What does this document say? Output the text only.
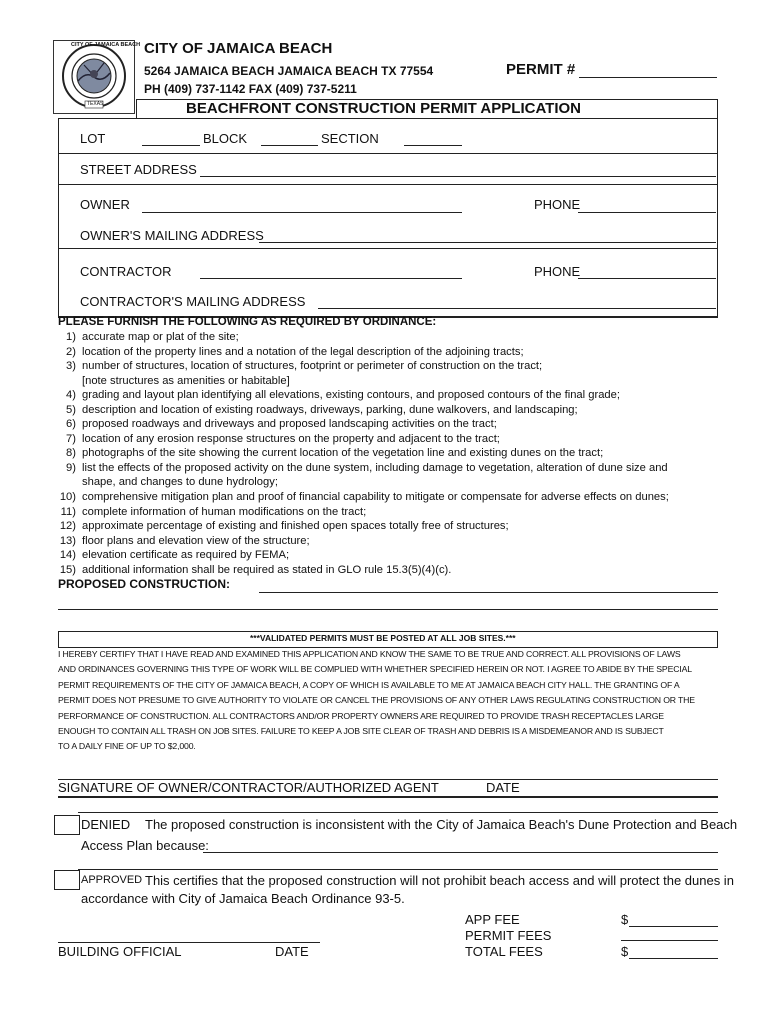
TEXAS
CITY OF JAMAICA BEACH CITY OF JAMAICA BEACH
5264 JAMAICA BEACH JAMAICA BEACH TX 77554
PH (409) 737-1142 FAX (409) 737-5211
PERMIT #
BEACHFRONT CONSTRUCTION PERMIT APPLICATION
LOT	BLOCK	SECTION
STREET ADDRESS
OWNER	PHONE
OWNER'S MAILING ADDRESS
CONTRACTOR	PHONE
CONTRACTOR'S MAILING ADDRESS
PLEASE FURNISH THE FOLLOWING AS REQUIRED BY ORDINANCE:
1) accurate map or plat of the site;
2) location of the property lines and a notation of the legal description of the adjoining tracts;
3) number of structures, location of structures, footprint or perimeter of construction on the tract;
[note structures as amenities or habitable]
4) grading and layout plan identifying all elevations, existing contours, and proposed contours of the final grade;
5) description and location of existing roadways, driveways, parking, dune walkovers, and landscaping;
6) proposed roadways and driveways and proposed landscaping activities on the tract;
7) location of any erosion response structures on the property and adjacent to the tract;
8) photographs of the site showing the current location of the vegetation line and existing dunes on the tract;
9) list the effects of the proposed activity on the dune system, including damage to vegetation, alteration of dune size and
shape, and changes to dune hydrology;
10) comprehensive mitigation plan and proof of financial capability to mitigate or compensate for adverse effects on dunes;
11) complete information of human modifications on the tract;
12) approximate percentage of existing and finished open spaces totally free of structures;
13) floor plans and elevation view of the structure;
14) elevation certificate as required by FEMA;
15) additional information shall be required as stated in GLO rule 15.3(5)(4)(c).
PROPOSED CONSTRUCTION:
***VALIDATED PERMITS MUST BE POSTED AT ALL JOB SITES.***
I HEREBY CERTIFY THAT I HAVE READ AND EXAMINED THIS APPLICATION AND KNOW THE SAME TO BE TRUE AND CORRECT. ALL PROVISIONS OF LAWS
AND ORDINANCES GOVERNING THIS TYPE OF WORK WILL BE COMPLIED WITH WHETHER SPECIFIED HEREIN OR NOT. I AGREE TO ABIDE BY THE SPECIAL
PERMIT REQUIREMENTS OF THE CITY OF JAMAICA BEACH, A COPY OF WHICH IS AVAILABLE TO ME AT JAMAICA BEACH CITY HALL. THE GRANTING OF A
PERMIT DOES NOT PRESUME TO GIVE AUTHORITY TO VIOLATE OR CANCEL THE PROVISIONS OF ANY OTHER LAWS REGULATING CONSTRUCTION OR THE
PERFORMANCE OF CONSTRUCTION. ALL CONTRACTORS AND/OR PROPERTY OWNERS ARE REQUIRED TO PROVIDE TRASH RECEPTACLES LARGE
ENOUGH TO CONTAIN ALL TRASH ON JOB SITES. FAILURE TO KEEP A JOB SITE CLEAR OF TRASH AND DEBRIS IS A MISDEMEANOR AND IS SUBJECT
TO A DAILY FINE OF UP TO $2,000.
SIGNATURE OF OWNER/CONTRACTOR/AUTHORIZED AGENT	DATE
DENIED The proposed construction is inconsistent with the City of Jamaica Beach's Dune Protection and Beach
Access Plan because:
APPROVED This certifies that the proposed construction will not prohibit beach access and will protect the dunes in
accordance with City of Jamaica Beach Ordinance 93-5.
APP FEE	$
PERMIT FEES
TOTAL FEES	$
BUILDING OFFICIAL	DATE
